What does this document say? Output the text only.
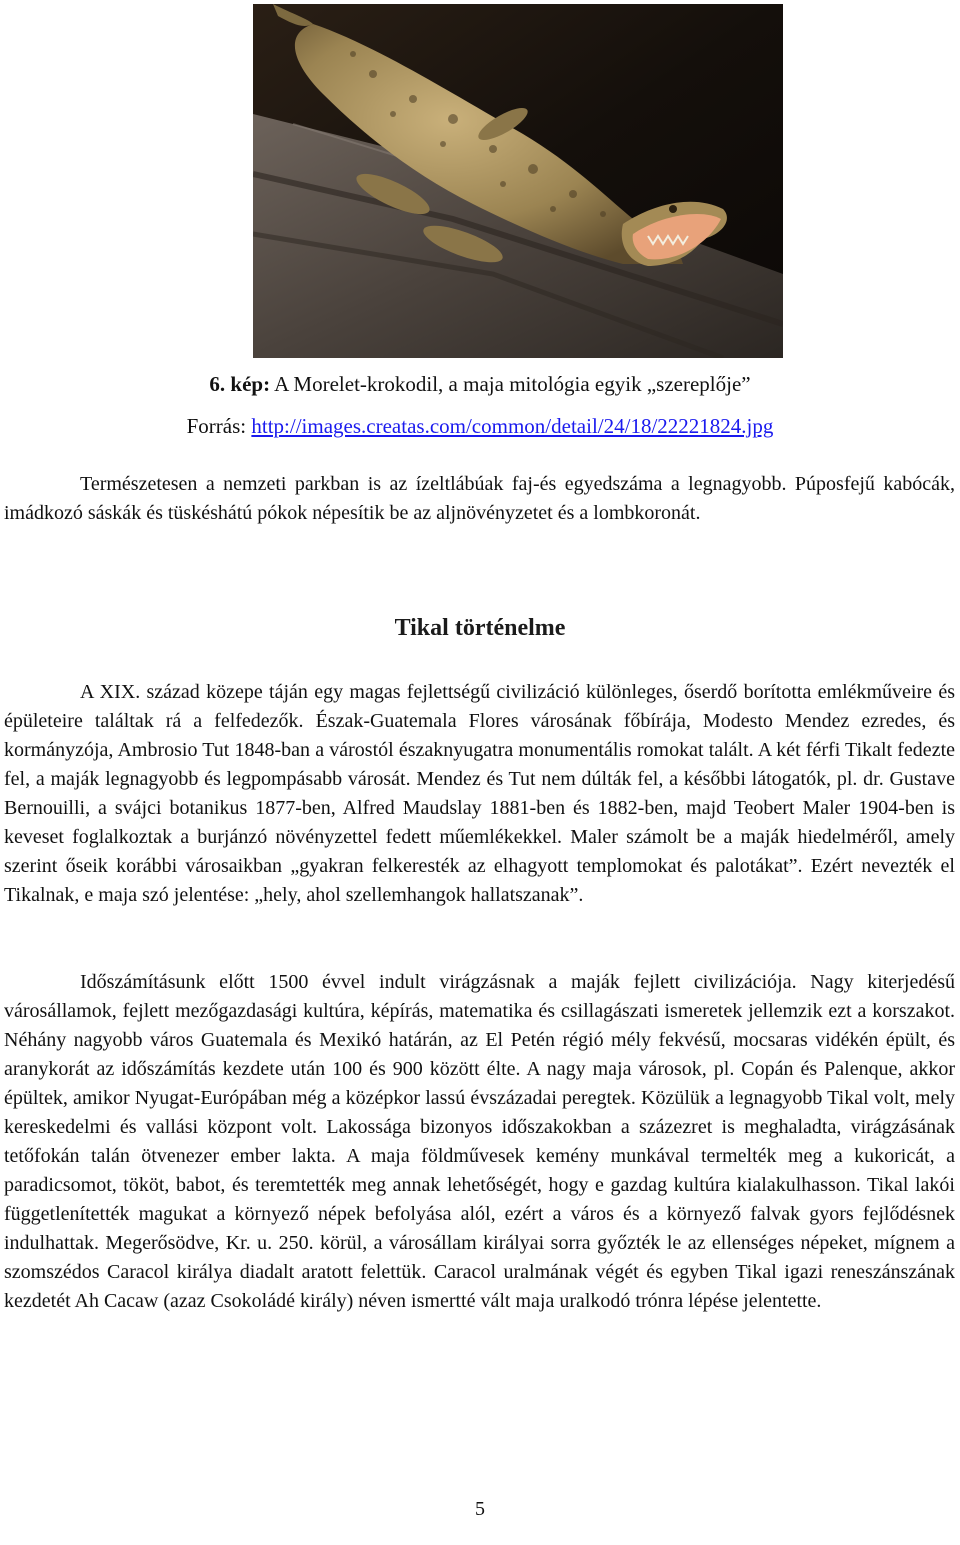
6. kép: A Morelet-krokodil, a maja mitológia egyik „szereplője”
Forrás: http://images.creatas.com/common/detail/24/18/22221824.jpg

Természetesen a nemzeti parkban is az ízeltlábúak faj-és egyedszáma a legnagyobb. Púposfejű kabócák, imádkozó sáskák és tüskéshátú pókok népesítik be az aljnövényzetet és a lombkoronát.

Tikal történelme

A XIX. század közepe táján egy magas fejlettségű civilizáció különleges, őserdő borította emlékműveire és épületeire találtak rá a felfedezők. Észak-Guatemala Flores városának főbírája, Modesto Mendez ezredes, és kormányzója, Ambrosio Tut 1848-ban a várostól északnyugatra monumentális romokat talált. A két férfi Tikalt fedezte fel, a maják legnagyobb és legpompásabb városát. Mendez és Tut nem dúlták fel, a későbbi látogatók, pl. dr. Gustave Bernouilli, a svájci botanikus 1877-ben, Alfred Maudslay 1881-ben és 1882-ben, majd Teobert Maler 1904-ben is keveset foglalkoztak a burjánzó növényzettel fedett műemlékekkel. Maler számolt be a maják hiedelméről, amely szerint őseik korábbi városaikban „gyakran felkeresték az elhagyott templomokat és palotákat”. Ezért nevezték el Tikalnak, e maja szó jelentése: „hely, ahol szellemhangok hallatszanak”.

Időszámításunk előtt 1500 évvel indult virágzásnak a maják fejlett civilizációja. Nagy kiterjedésű városállamok, fejlett mezőgazdasági kultúra, képírás, matematika és csillagászati ismeretek jellemzik ezt a korszakot. Néhány nagyobb város Guatemala és Mexikó határán, az El Petén régió mély fekvésű, mocsaras vidékén épült, és aranykorát az időszámítás kezdete után 100 és 900 között élte. A nagy maja városok, pl. Copán és Palenque, akkor épültek, amikor Nyugat-Európában még a középkor lassú évszázadai peregtek. Közülük a legnagyobb Tikal volt, mely kereskedelmi és vallási központ volt. Lakossága bizonyos időszakokban a százezret is meghaladta, virágzásának tetőfokán talán ötvenezer ember lakta. A maja földművesek kemény munkával termelték meg a kukoricát, a paradicsomot, tököt, babot, és teremtették meg annak lehetőségét, hogy e gazdag kultúra kialakulhasson. Tikal lakói függetlenítették magukat a környező népek befolyása alól, ezért a város és a környező falvak gyors fejlődésnek indulhattak. Megerősödve, Kr. u. 250. körül, a városállam királyai sorra győzték le az ellenséges népeket, mígnem a szomszédos Caracol királya diadalt aratott felettük. Caracol uralmának végét és egyben Tikal igazi reneszánszának kezdetét Ah Cacaw (azaz Csokoládé király) néven ismertté vált maja uralkodó trónra lépése jelentette.

5
